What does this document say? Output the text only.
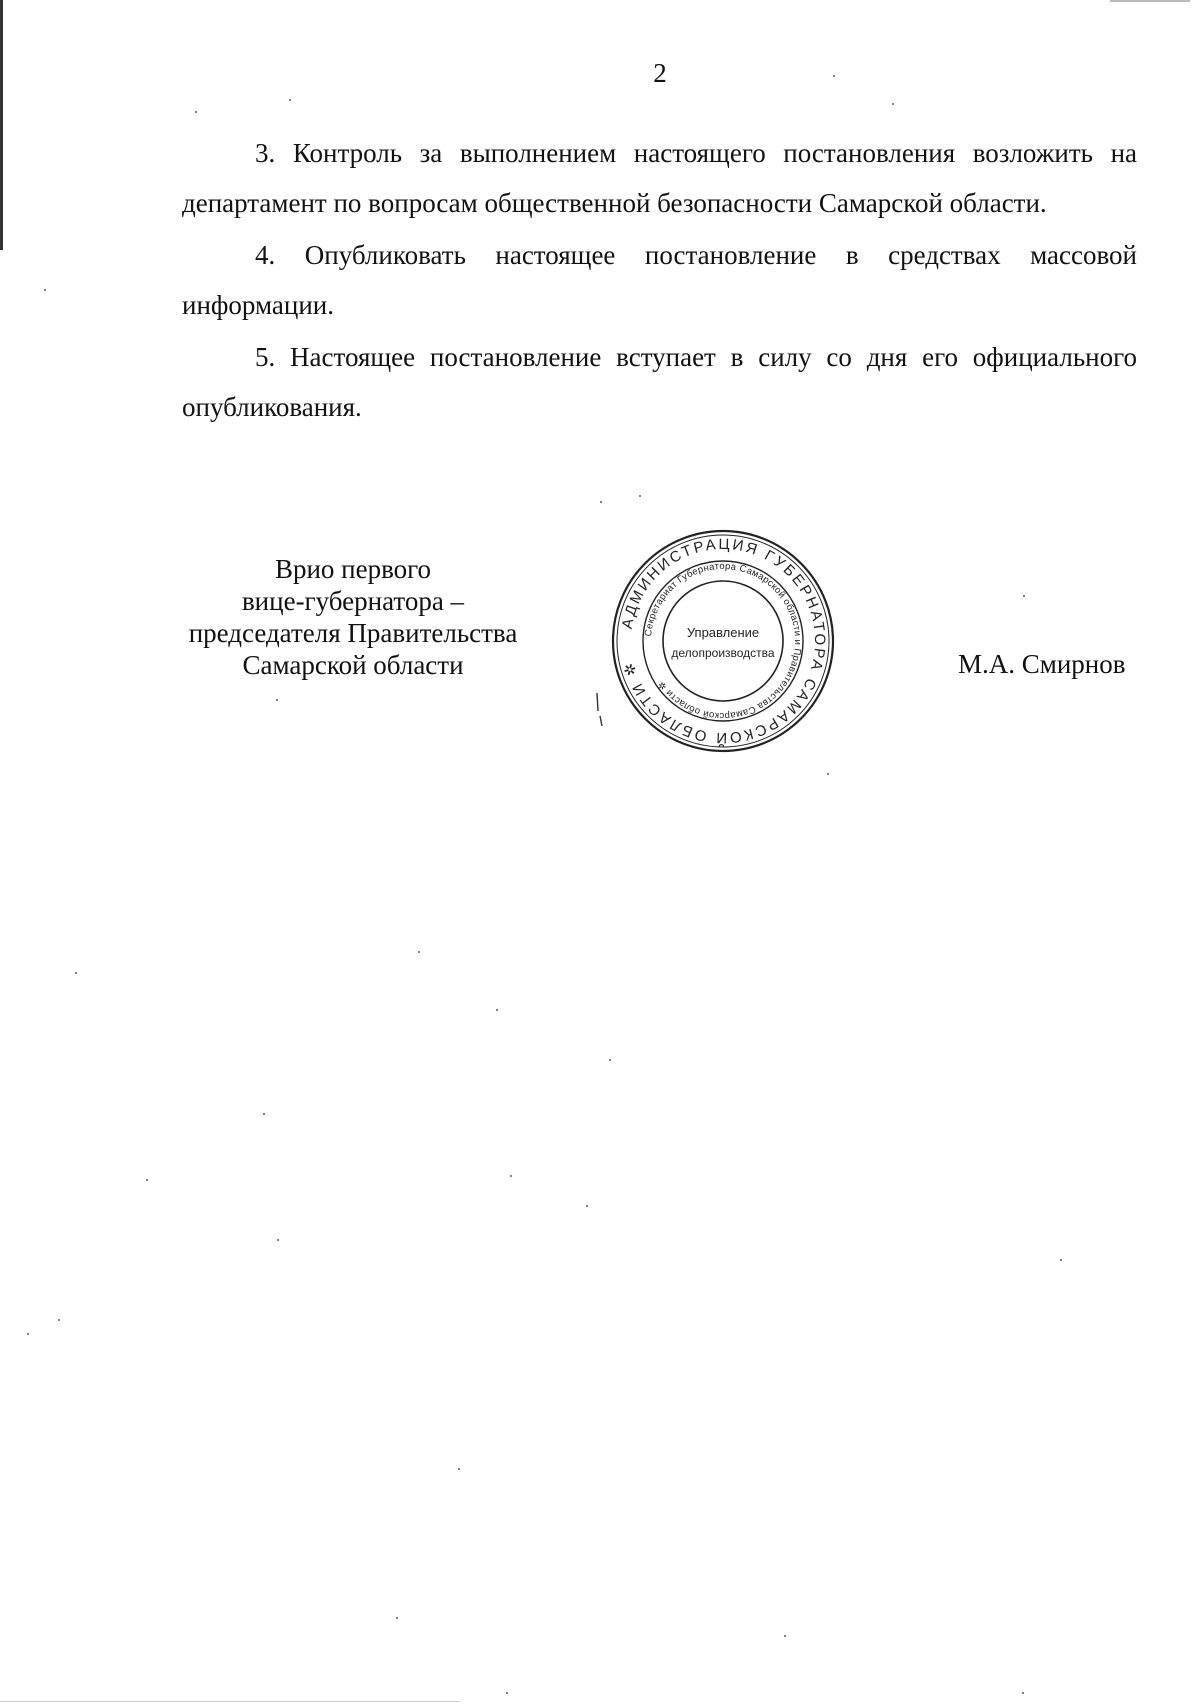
2

3. Контроль за выполнением настоящего постановления возложить на департамент по вопросам общественной безопасности Самарской области.

4. Опубликовать настоящее постановление в средствах массовой информации.

5. Настоящее постановление вступает в силу со дня его официального опубликования.

Врио первого
вице-губернатора –
председателя Правительства
Самарской области
АДМИНИСТРАЦИЯ ГУБЕРНАТОРА САМАРСКОЙ ОБЛАСТИ ✲
Секретариат Губернатора Самарской области и Правительства Самарской области ✲
Управление
делопроизводства	М.А. Смирнов
